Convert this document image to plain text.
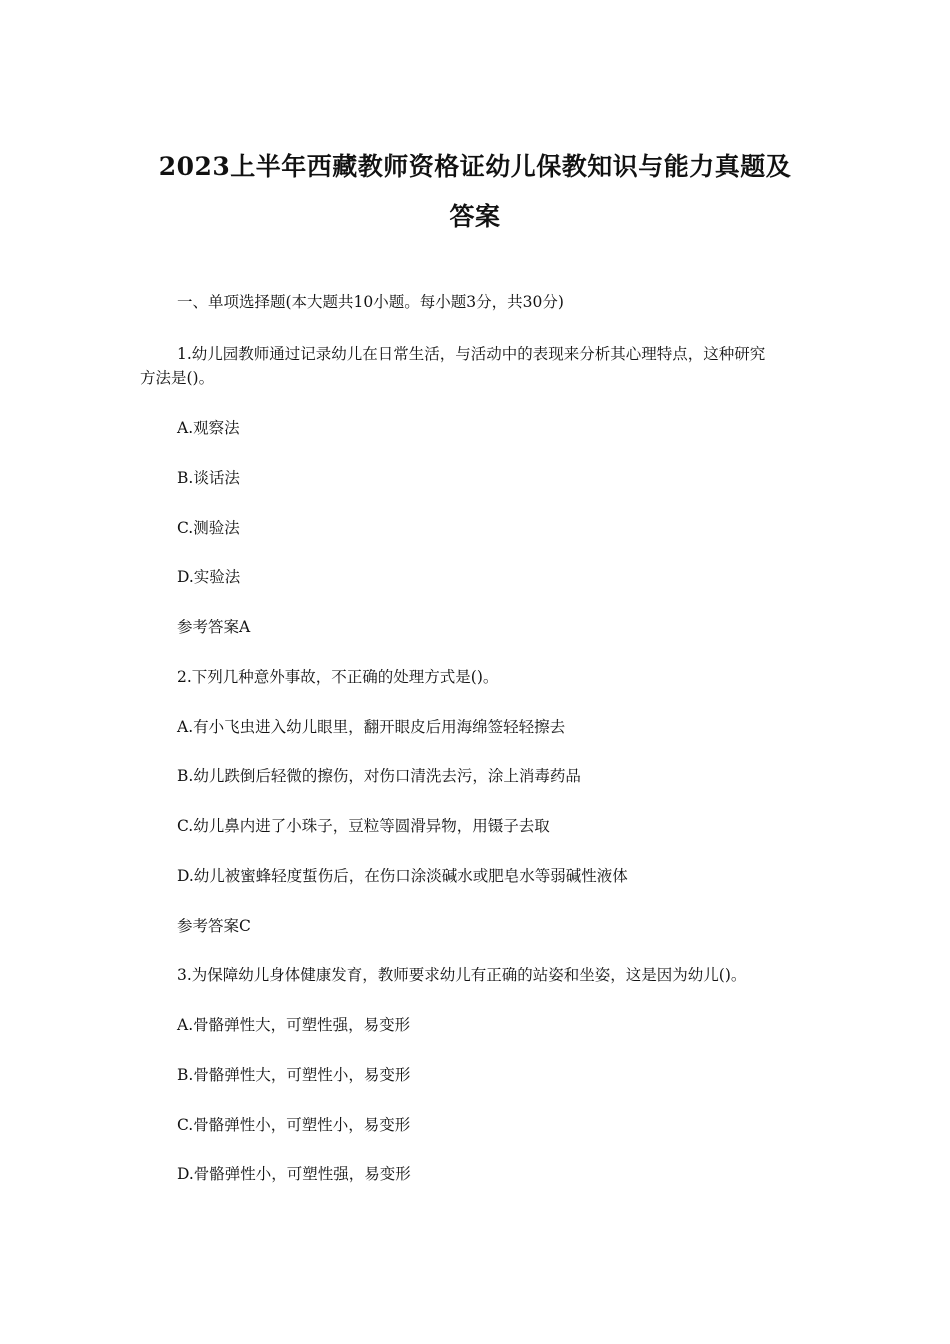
2023上半年西藏教师资格证幼儿保教知识与能力真题及
答案
一、单项选择题(本大题共10小题。每小题3分，共30分)
1.幼儿园教师通过记录幼儿在日常生活，与活动中的表现来分析其心理特点，这种研究
方法是()。
A.观察法
B.谈话法
C.测验法
D.实验法
参考答案A
2.下列几种意外事故，不正确的处理方式是()。
A.有小飞虫进入幼儿眼里，翻开眼皮后用海绵签轻轻擦去
B.幼儿跌倒后轻微的擦伤，对伤口清洗去污，涂上消毒药品
C.幼儿鼻内进了小珠子，豆粒等圆滑异物，用镊子去取
D.幼儿被蜜蜂轻度蜇伤后，在伤口涂淡碱水或肥皂水等弱碱性液体
参考答案C
3.为保障幼儿身体健康发育，教师要求幼儿有正确的站姿和坐姿，这是因为幼儿()。
A.骨骼弹性大，可塑性强，易变形
B.骨骼弹性大，可塑性小，易变形
C.骨骼弹性小，可塑性小，易变形
D.骨骼弹性小，可塑性强，易变形
